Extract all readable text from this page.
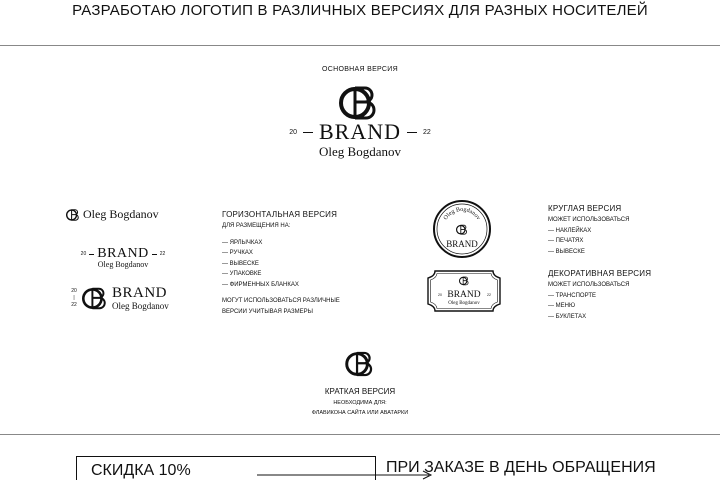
РАЗРАБОТАЮ ЛОГОТИП В РАЗЛИЧНЫХ ВЕРСИЯХ ДЛЯ РАЗНЫХ НОСИТЕЛЕЙ
ОСНОВНАЯ ВЕРСИЯ
20 BRAND	22
Oleg Bogdanov
Oleg Bogdanov
20 BRAND 22
Oleg Bogdanov
20
|
22
BRAND
Oleg Bogdanov
ГОРИЗОНТАЛЬНАЯ ВЕРСИЯ
ДЛЯ РАЗМЕЩЕНИЯ НА:
— ЯРЛЫЧКАХ
— РУЧКАХ
— ВЫВЕСКЕ
— УПАКОВКЕ
— ФИРМЕННЫХ БЛАНКАХ
МОГУТ ИСПОЛЬЗОВАТЬСЯ РАЗЛИЧНЫЕ
ВЕРСИИ УЧИТЫВАЯ РАЗМЕРЫ
Oleg Bogdanov
BRAND
КРУГЛАЯ ВЕРСИЯ
МОЖЕТ ИСПОЛЬЗОВАТЬСЯ
— НАКЛЕЙКАХ
— ПЕЧАТЯХ
— ВЫВЕСКЕ
20 BRAND 22
Oleg Bogdanov
ДЕКОРАТИВНАЯ ВЕРСИЯ
МОЖЕТ ИСПОЛЬЗОВАТЬСЯ
— ТРАНСПОРТЕ
— МЕНЮ
— БУКЛЕТАХ
КРАТКАЯ ВЕРСИЯ
НЕОБХОДИМА ДЛЯ:
ФЛАВИКОНА САЙТА ИЛИ АВАТАРКИ
СКИДКА 10%	ПРИ ЗАКАЗЕ В ДЕНЬ ОБРАЩЕНИЯ
